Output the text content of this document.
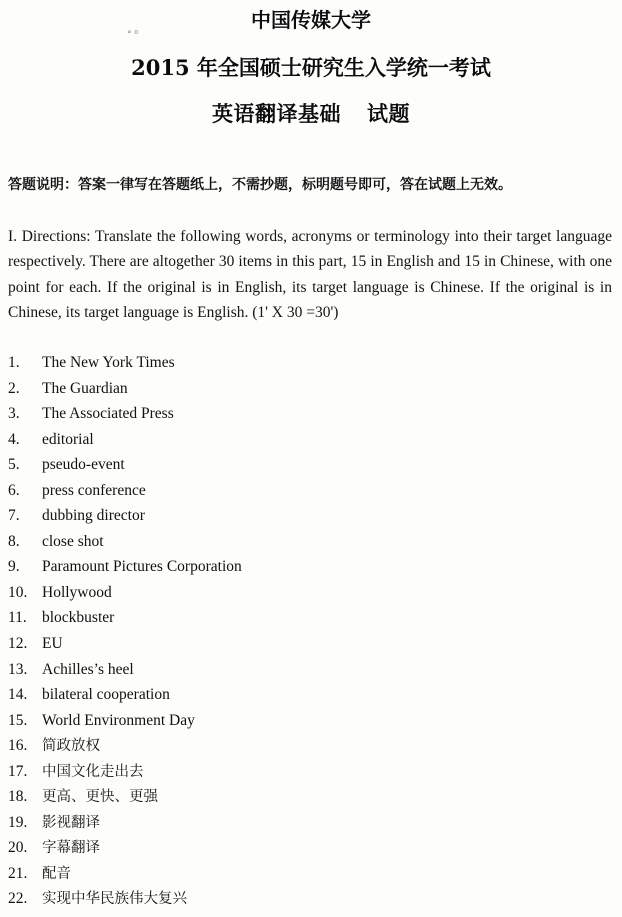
中国传媒大学
° ⁰
2015 年全国硕士研究生入学统一考试
英语翻译基础 试题
答题说明：答案一律写在答题纸上，不需抄题，标明题号即可，答在试题上无效。
I. Directions: Translate the following words, acronyms or terminology into their target language respectively. There are altogether 30 items in this part, 15 in English and 15 in Chinese, with one point for each. If the original is in English, its target language is Chinese. If the original is in Chinese, its target language is English. (1' X 30 =30')
1. The New York Times
2. The Guardian
3. The Associated Press
4. editorial
5. pseudo-event
6. press conference
7. dubbing director
8. close shot
9. Paramount Pictures Corporation
10. Hollywood
11. blockbuster
12. EU
13. Achilles’s heel
14. bilateral cooperation
15. World Environment Day
16. 简政放权
17. 中国文化走出去
18. 更高、更快、更强
19. 影视翻译
20. 字幕翻译
21. 配音
22. 实现中华民族伟大复兴
